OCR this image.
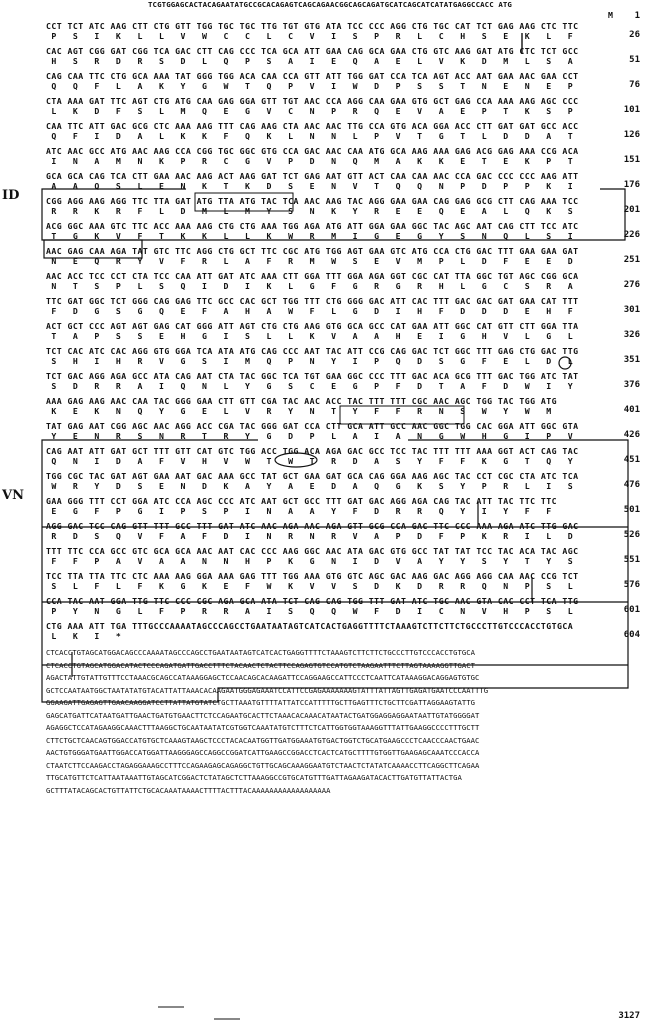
TCGTGGAGCACTACAGAATATGCCGCACAGAGTCAGCAGAACGGCAGCAGATGCATCAGCATCATATGAGGCCACC ATG
M 1
CCT TCT ATC AAG CTT CTG GTT TGG TGC TGC TTG TGT GTG ATA TCC CCC AGG CTG TGC CAT TCT GAG AAG CTC TTC
P   S   I   K   L   L   V   W   C   C   L   C   V   I   S   P   R   L   C   H   S   E   K   L   F	26
CAC AGT CGG GAT CGG TCA GAC CTT CAG CCC TCA GCA ATT GAA CAG GCA GAA CTG GTC AAG GAT ATG CTC TCT GCC
H   S   R   D   R   S   D   L   Q   P   S   A   I   E   Q   A   E   L   V   K   D   M   L   S   A	51
CAG CAA TTC CTG GCA AAA TAT GGG TGG ACA CAA CCA GTT ATT TGG GAT CCA TCA AGT ACC AAT GAA AAC GAA CCT
Q   Q   F   L   A   K   Y   G   W   T   Q   P   V   I   W   D   P   S   S   T   N   E   N   E   P	76
CTA AAA GAT TTC AGT CTG ATG CAA GAG GGA GTT TGT AAC CCA AGG CAA GAA GTG GCT GAG CCA AAA AAG AGC CCC
L   K   D   F   S   L   M   Q   E   G   V   C   N   P   R   Q   E   V   A   E   P   T   K   S   P	101
CAA TTC ATT GAC GCG CTC AAA AAG TTT CAG AAG CTA AAC AAC TTG CCA GTG ACA GGA ACC CTT GAT GAT GCC ACC
Q   F   I   D   A   L   K   K   F   Q   K   L   N   N   L   P   V   T   G   T   L   D   D   A   T	126
ATC AAC GCC ATG AAC AAG CCA CGG TGC GGC GTG CCA GAC AAC CAA ATG GCA AAG AAA GAG ACG GAG AAA CCG ACA
I   N   A   M   N   K   P   R   C   G   V   P   D   N   Q   M   A   K   K   E   T   E   K   P   T	151
GCA GCA CAG TCA CTT GAA AAC AAG ACT AAG GAT TCT GAG AAT GTT ACT CAA CAA AAC CCA GAC CCC CCC AAG ATT
A   A   Q   S   L   E   N   K   T   K   D   S   E   N   V   T   Q   Q   N   P   D   P   P   K   I	176
CGG AGG AAG AGG TTC TTA GAT ATG TTA ATG TAC TCA AAC AAG TAC AGG GAA GAA CAG GAG GCG CTT CAG AAA TCC
R   R   K   R   F   L   D   M   L   M   Y   S   N   K   Y   R   E   E   Q   E   A   L   Q   K   S	201
ACG GGC AAA GTC TTC ACC AAA AAG CTG CTG AAA TGG AGA ATG ATT GGA GAA GGC TAC AGC AAT CAG CTT TCC ATC
T   G   K   V   F   T   K   K   L   L   K   W   R   M   I   G   E   G   Y   S   N   Q   L   S   I	226
AAC GAG CAA AGA TAT GTC TTC AGG CTG GCT TTC CGC ATG TGG AGT GAA GTC ATG CCA CTG GAC TTT GAA GAA GAT
N   E   Q   R   Y   V   F   R   L   A   F   R   M   W   S   E   V   M   P   L   D   F   E   E   D	251
AAC ACC TCC CCT CTA TCC CAA ATT GAT ATC AAA CTT GGA TTT GGA AGA GGT CGC CAT TTA GGC TGT AGC CGG GCA
N   T   S   P   L   S   Q   I   D   I   K   L   G   F   G   R   G   R   H   L   G   C   S   R   A	276
TTC GAT GGC TCT GGG CAG GAG TTC GCC CAC GCT TGG TTT CTG GGG GAC ATT CAC TTT GAC GAC GAT GAA CAT TTT
F   D   G   S   G   Q   E   F   A   H   A   W   F   L   G   D   I   H   F   D   D   D   E   H   F	301
ACT GCT CCC AGT AGT GAG CAT GGG ATT AGT CTG CTG AAG GTG GCA GCC CAT GAA ATT GGC CAT GTT CTT GGA TTA
T   A   P   S   S   E   H   G   I   S   L   L   K   V   A   A   H   E   I   G   H   V   L   G   L	326
TCT CAC ATC CAC AGG GTG GGA TCA ATA ATG CAG CCC AAT TAC ATT CCG CAG GAC TCT GGC TTT GAG CTG GAC TTG
S   H   I   H   R   V   G   S   I   M   Q   P   N   Y   I   P   Q   D   S   G   F   E   L   D   L	351
TCT GAC AGG AGA GCC ATA CAG AAT CTA TAC GGC TCA TGT GAA GGC CCC TTT GAC ACA GCG TTT GAC TGG ATC TAT
S   D   R   R   A   I   Q   N   L   Y   G   S   C   E   G   P   F   D   T   A   F   D   W   I   Y	376
AAA GAG AAG AAC CAA TAC GGG GAA CTT GTT CGA TAC AAC ACC TAC TTT TTT CGC AAC AGC TGG TAC TGG ATG
K   E   K   N   Q   Y   G   E   L   V   R   Y   N   T   Y   F   F   R   N   S   W   Y   W   M	401
TAT GAG AAT CGG AGC AAC AGG ACC CGA TAC GGG GAT CCA CTT GCA ATT GCC AAC GGC TGG CAC GGA ATT GGC GTA
Y   E   N   R   S   N   R   T   R   Y   G   D   P   L   A   I   A   N   G   W   H   G   I   P   V	426
CAG AAT ATT GAT GCT TTT GTT CAT GTC TGG ACC TGG ACA AGA GAC GCC TCC TAC TTT TTT AAA GGT ACT CAG TAC
Q   N   I   D   A   F   V   H   V   W   T   W   T   R   D   A   S   Y   F   F   K   G   T   Q   Y	451
TGG CGC TAC GAT AGT GAA AAT GAC AAA GCC TAT GCT GAA GAT GCA CAG GGA AAG AGC TAC CCT CGC CTA ATC TCA
W   R   Y   D   S   E   N   D   K   A   Y   A   E   D   A   Q   G   K   S   Y   P   R   L   I   S	476
GAA GGG TTT CCT GGA ATC CCA AGC CCC ATC AAT GCT GCC TTT GAT GAC AGG AGA CAG TAC ATT TAC TTC TTC
E   G   F   P   G   I   P   S   P   I   N   A   A   Y   F   D   R   R   Q   Y   I   Y   F   F	501
AGG GAC TCC CAG GTT TTT GCC TTT GAT ATC AAC AGA AAC AGA GTT GCG CCA GAC TTC CCC AAA AGA ATC TTG GAC
R   D   S   Q   V   F   A   F   D   I   N   R   N   R   V   A   P   D   F   P   K   R   I   L   D	526
TTT TTC CCA GCC GTC GCA GCA AAC AAT CAC CCC AAG GGC AAC ATA GAC GTG GCC TAT TAT TCC TAC ACA TAC AGC
F   F   P   A   V   A   A   N   N   H   P   K   G   N   I   D   V   A   Y   Y   S   Y   T   Y   S	551
TCC TTA TTA TTC CTC AAA AAG GGA AAA GAG TTT TGG AAA GTG GTC AGC GAC AAG GAC AGG AGG CAA AAC CCG TCT
S   L   F   L   F   K   G   K   E   F   W   K   V   V   S   D   K   D   R   R   Q   N   P   S   L	576
CCA TAC AAT GGA TTG TTC CCC CGC AGA GCA ATA TCT CAG CAG TGG TTT GAT ATC TGC AAC GTA CAC CCT TCA TTG
P   Y   N   G   L   F   P   R   R   A   I   S   Q   Q   W   F   D   I   C   N   V   H   P   S   L	601
CTG AAA ATT TGA TTTGCCCAAAATAGCCCAGCCTGAATAATAGTCATCACTGAGGTTTTCTAAAGTCTTCTTCTGCCCTTGTCCCACCTGTGCA
L   K   I   *	604
CTCACCTGTAGCATGGACAGCCCAAAATAGCCCAGCCTGAATAATAGTCATCACTGAGGTTTTCTAAAGTCTTCTTCTGCCCTTGTCCCACCTGTGCA
CTCACCTGTAGCATGGACATACTCCCAGATGATTGACCTTTCTACAACTCTACTTCCAGAGTGTCCATGTCTAAGAATTTCTTAGTAAAAGGTTGACT
AGACTATTGTATTGTTTCCTAAACGCAGCCATAAAGGAGCTCCAACAGCACAAGATTCCAGGAAGCCATTCCCTCAATTCATAAAGGACAGGAGTGTGC
GCTCCAATAATGGCTAATATATGTACATTATTAAACACAAGAATGGGAGAAATCCATTCCGAGAAAAAAAGTATTTATTAGTTGAGATGAATCCCAATTTG
GGAAGATTGAGAGTTGAACAAGGATCCTTATTATGTATCTGCTTAAATGTTTTATTATCCATTTTTGCTTGAGTTTCTGCTTCGATTAGGAAGTATTG
GAGCATGATTCATAATGATTGAACTGATGTGAACTTCTCCAGAATGCACTTCTAAACACAAACATAATACTGATGGAGGAGGAATAATTGTATGGGGAT
AGAGGCTCCATAGAAGGCAAACTTTAAGGCTGCAATAATATCGTGGTCAAATATGTCTTTCTCATTGGTGGTAAAGGTTTATTGAAGGCCCCTTTGCTT
CTTCTGCTCAACAGTGGACCATGTGCTCAAAGTAAGCTCCCTACACAATGGTTGATGGAAATGTGACTGGTCTGCATGAAGCCCTCAACCCAACTGAAC
AACTGTGGGATGAATTGGACCATGGATTAAGGGAGCCAGGCCGGATCATTGAAGCCGGACCTCACTCATGCTTTTGTGGTTGAAGAGCAAATCCCACCA
CTAATCTTCCAAGACCTAGAGGAAAGCCTTTCCAGAAGAGCAGAGGCTGTTGCAGCAAAGGAATGTCTAACTCTATATCAAAACCTTCAGGCTTCAGAA
TTGCATGTTCTCATTAATAAATTGTAGCATCGGACTCTATAGCTCTTAAAGGCCGTGCATGTTTGATTAGAAGATACACTTGATGTTATTACTGA
GCTTTATACAGCACTGTTATTCTGCACAAATAAAACTTTTACTTTACAAAAAAAAAAAAAAAAAA
ID
VN
3127
